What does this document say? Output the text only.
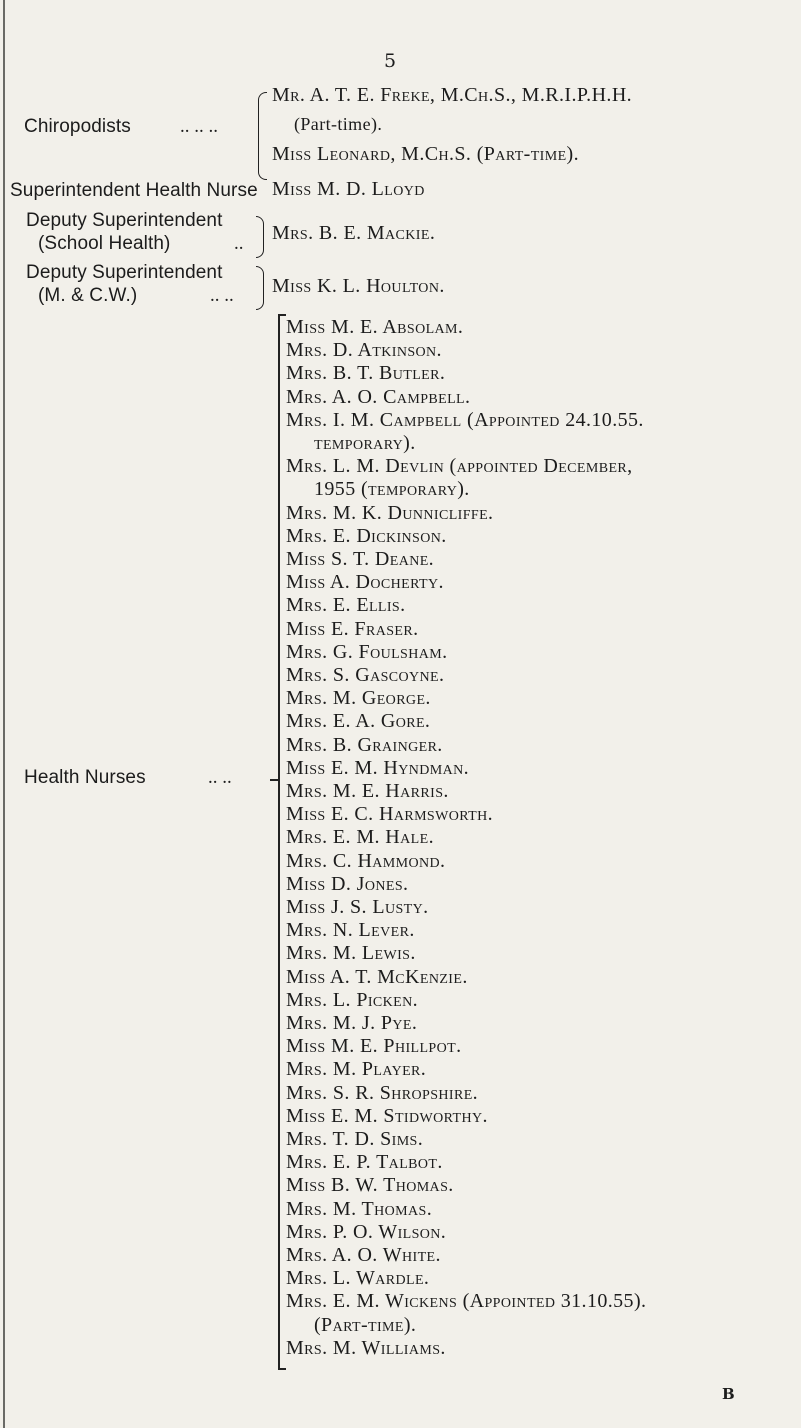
5
Chiropodists	.. .. ..
Mr. A. T. E. Freke, M.Ch.S., M.R.I.P.H.H.
(Part-time).
Miss Leonard, M.Ch.S. (Part-time).
Superintendent Health Nurse Miss M. D. Lloyd
Deputy Superintendent
(School Health)	.. Mrs. B. E. Mackie.
Deputy Superintendent
(M. & C.W.)	.. .. Miss K. L. Houlton.
Health Nurses	.. ..
Miss M. E. Absolam.
Mrs. D. Atkinson.
Mrs. B. T. Butler.
Mrs. A. O. Campbell.
Mrs. I. M. Campbell (Appointed 24.10.55.
temporary).
Mrs. L. M. Devlin (appointed December,
1955 (temporary).
Mrs. M. K. Dunnicliffe.
Mrs. E. Dickinson.
Miss S. T. Deane.
Miss A. Docherty.
Mrs. E. Ellis.
Miss E. Fraser.
Mrs. G. Foulsham.
Mrs. S. Gascoyne.
Mrs. M. George.
Mrs. E. A. Gore.
Mrs. B. Grainger.
Miss E. M. Hyndman.
Mrs. M. E. Harris.
Miss E. C. Harmsworth.
Mrs. E. M. Hale.
Mrs. C. Hammond.
Miss D. Jones.
Miss J. S. Lusty.
Mrs. N. Lever.
Mrs. M. Lewis.
Miss A. T. McKenzie.
Mrs. L. Picken.
Mrs. M. J. Pye.
Miss M. E. Phillpot.
Mrs. M. Player.
Mrs. S. R. Shropshire.
Miss E. M. Stidworthy.
Mrs. T. D. Sims.
Mrs. E. P. Talbot.
Miss B. W. Thomas.
Mrs. M. Thomas.
Mrs. P. O. Wilson.
Mrs. A. O. White.
Mrs. L. Wardle.
Mrs. E. M. Wickens (Appointed 31.10.55).
(Part-time).
Mrs. M. Williams.
B
